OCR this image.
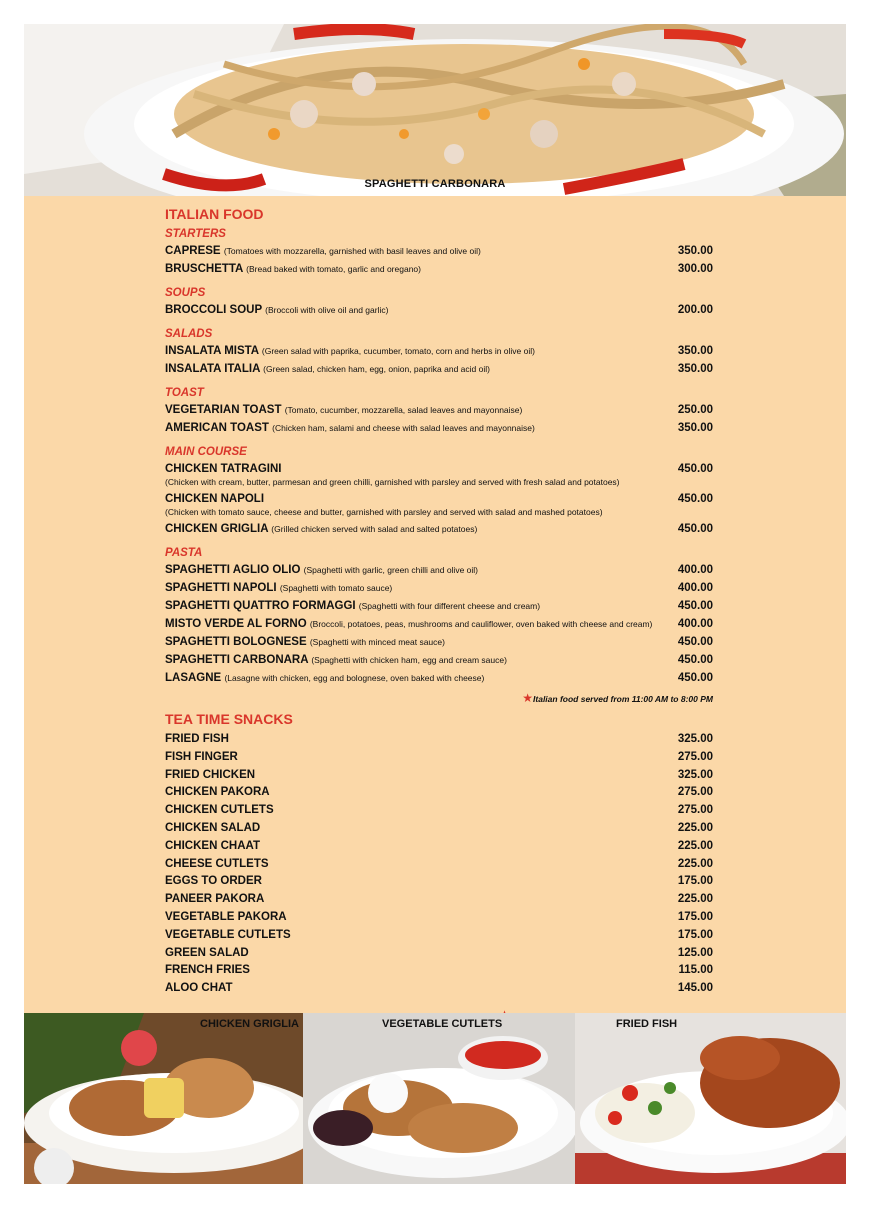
SPAGHETTI CARBONARA
ITALIAN FOOD
STARTERS
CAPRESE (Tomatoes with mozzarella, garnished with basil leaves and olive oil)	350.00
BRUSCHETTA (Bread baked with tomato, garlic and oregano)	300.00
SOUPS
BROCCOLI SOUP (Broccoli with olive oil and garlic)	200.00
SALADS
INSALATA MISTA (Green salad with paprika, cucumber, tomato, corn and herbs in olive oil)	350.00
INSALATA ITALIA (Green salad, chicken ham, egg, onion, paprika and acid oil)	350.00
TOAST
VEGETARIAN TOAST (Tomato, cucumber, mozzarella, salad leaves and mayonnaise)	250.00
AMERICAN TOAST (Chicken ham, salami and cheese with salad leaves and mayonnaise)	350.00
MAIN COURSE
CHICKEN TATRAGINI
(Chicken with cream, butter, parmesan and green chilli, garnished with parsley and served with fresh salad and potatoes)
450.00
CHICKEN NAPOLI
(Chicken with tomato sauce, cheese and butter, garnished with parsley and served with salad and mashed potatoes)
450.00
CHICKEN GRIGLIA (Grilled chicken served with salad and salted potatoes)	450.00
PASTA
SPAGHETTI AGLIO OLIO (Spaghetti with garlic, green chilli and olive oil)	400.00
SPAGHETTI NAPOLI (Spaghetti with tomato sauce)	400.00
SPAGHETTI QUATTRO FORMAGGI (Spaghetti with four different cheese and cream)	450.00
MISTO VERDE AL FORNO (Broccoli, potatoes, peas, mushrooms and cauliflower, oven baked with cheese and cream)	400.00
SPAGHETTI BOLOGNESE (Spaghetti with minced meat sauce)	450.00
SPAGHETTI CARBONARA (Spaghetti with chicken ham, egg and cream sauce)	450.00
LASAGNE (Lasagne with chicken, egg and bolognese, oven baked with cheese)	450.00
★Italian food served from 11:00 AM to 8:00 PM
TEA TIME SNACKS
FRIED FISH	325.00
FISH FINGER	275.00
FRIED CHICKEN	325.00
CHICKEN PAKORA	275.00
CHICKEN CUTLETS	275.00
CHICKEN SALAD	225.00
CHICKEN CHAAT	225.00
CHEESE CUTLETS	225.00
EGGS TO ORDER	175.00
PANEER PAKORA	225.00
VEGETABLE PAKORA	175.00
VEGETABLE CUTLETS	175.00
GREEN SALAD	125.00
FRENCH FRIES	115.00
ALOO CHAT	145.00
CHICKEN GRIGLIA	VEGETABLE CUTLETS	FRIED FISH
